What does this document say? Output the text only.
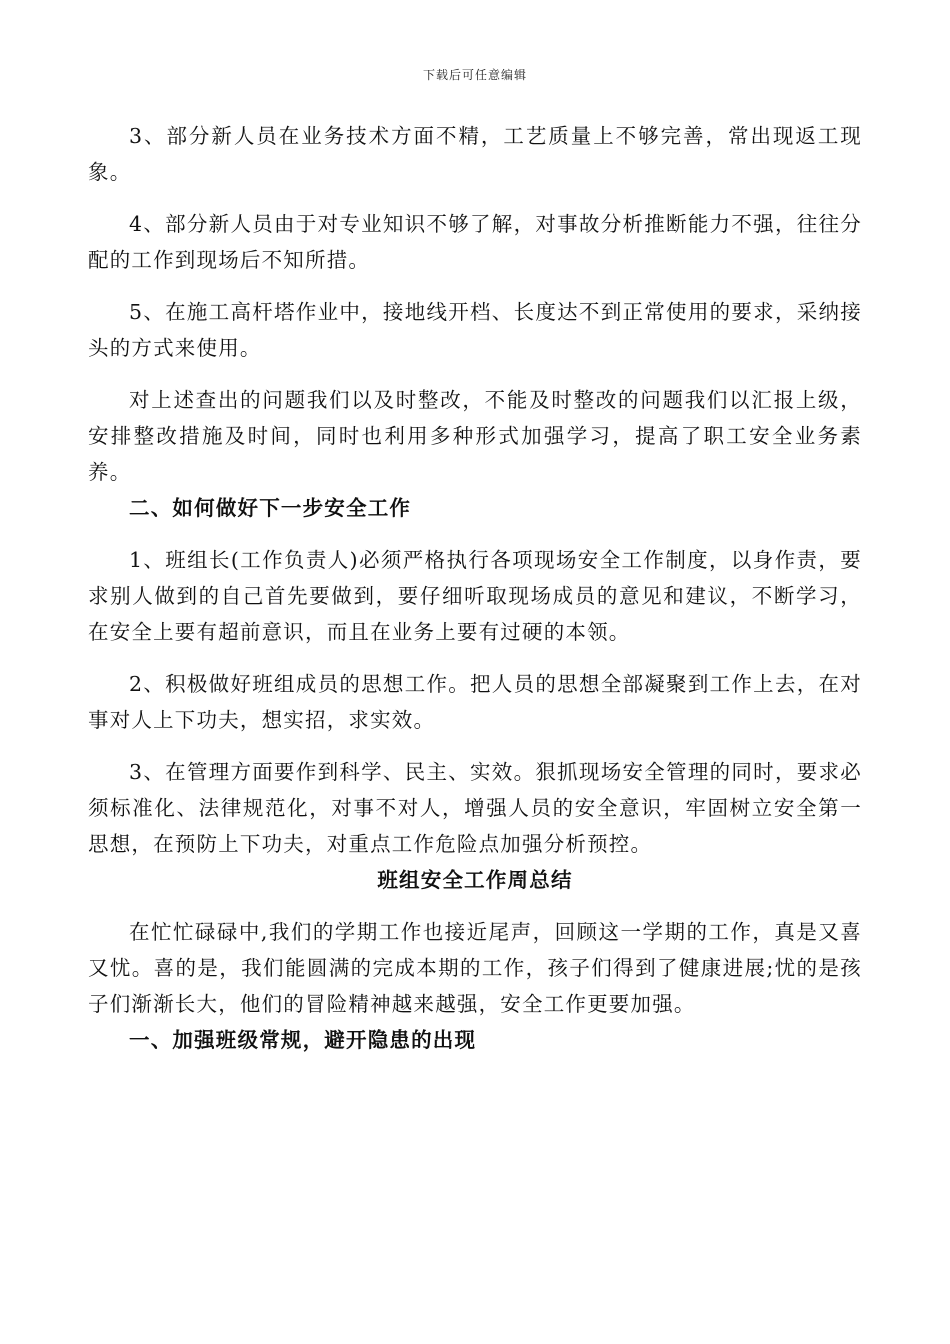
下载后可任意编辑

3、部分新人员在业务技术方面不精，工艺质量上不够完善，常出现返工现象。

4、部分新人员由于对专业知识不够了解，对事故分析推断能力不强，往往分配的工作到现场后不知所措。

5、在施工高杆塔作业中，接地线开档、长度达不到正常使用的要求，采纳接头的方式来使用。

对上述查出的问题我们以及时整改，不能及时整改的问题我们以汇报上级，安排整改措施及时间，同时也利用多种形式加强学习，提高了职工安全业务素养。

二、如何做好下一步安全工作

1、班组长(工作负责人)必须严格执行各项现场安全工作制度，以身作责，要求别人做到的自己首先要做到，要仔细听取现场成员的意见和建议，不断学习，在安全上要有超前意识，而且在业务上要有过硬的本领。

2、积极做好班组成员的思想工作。把人员的思想全部凝聚到工作上去，在对事对人上下功夫，想实招，求实效。

3、在管理方面要作到科学、民主、实效。狠抓现场安全管理的同时，要求必须标准化、法律规范化，对事不对人，增强人员的安全意识，牢固树立安全第一思想，在预防上下功夫，对重点工作危险点加强分析预控。

班组安全工作周总结

在忙忙碌碌中,我们的学期工作也接近尾声，回顾这一学期的工作，真是又喜又忧。喜的是，我们能圆满的完成本期的工作，孩子们得到了健康进展;忧的是孩子们渐渐长大，他们的冒险精神越来越强，安全工作更要加强。

一、加强班级常规，避开隐患的出现
